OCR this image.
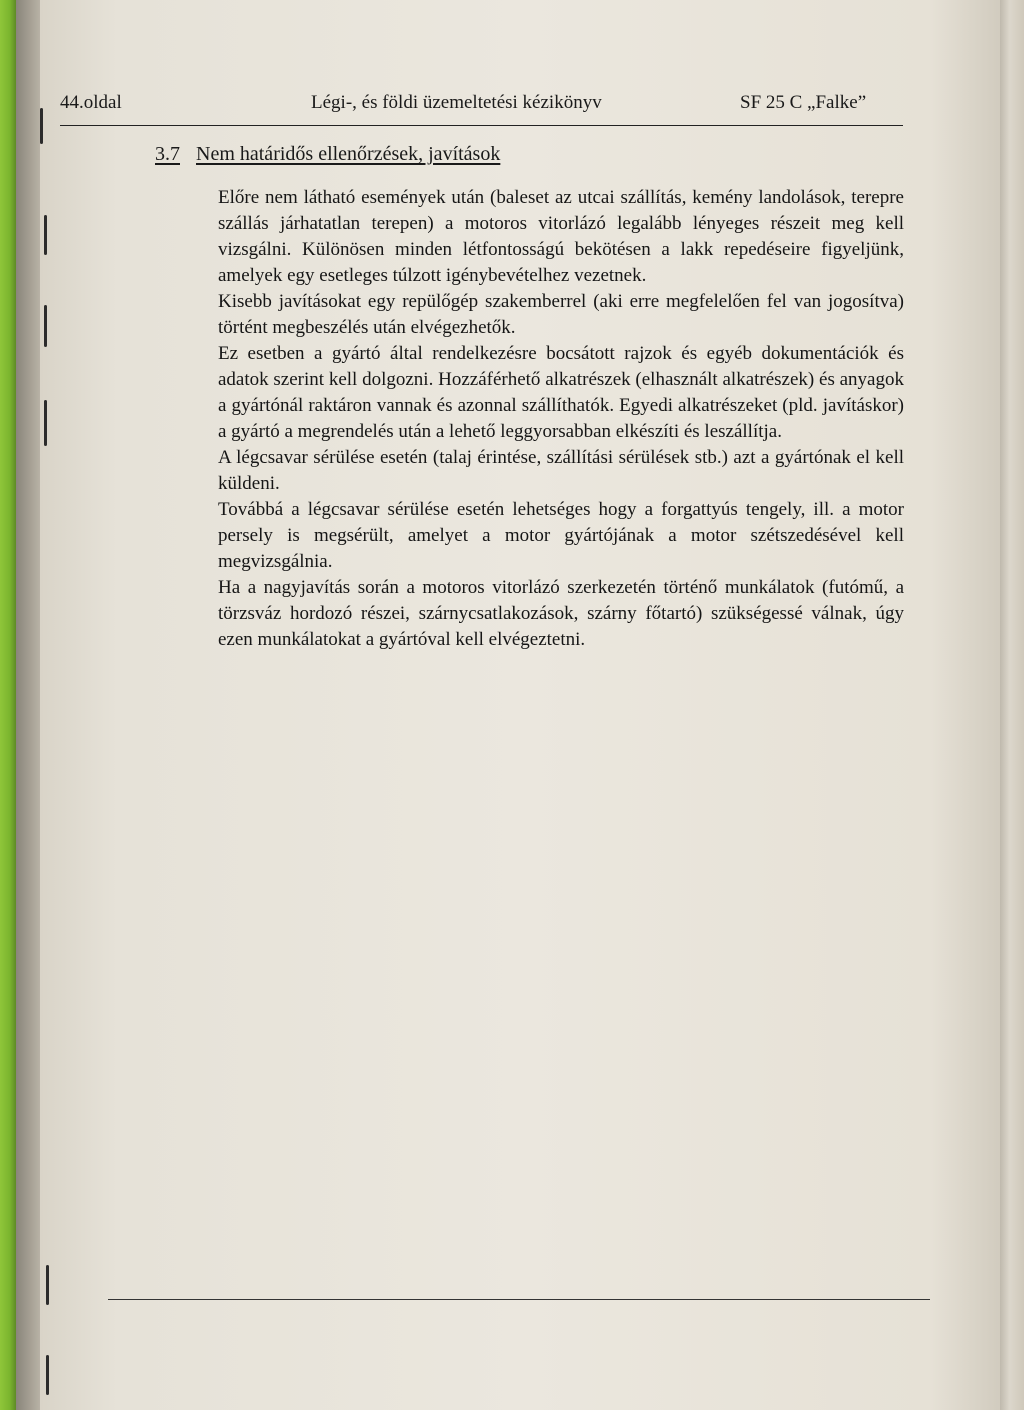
44.oldal	Légi-, és földi üzemeltetési kézikönyv	SF 25 C „Falke”
3.7 Nem határidős ellenőrzések, javítások

Előre nem látható események után (baleset az utcai szállítás, kemény landolások, terepre szállás járhatatlan terepen) a motoros vitorlázó legalább lényeges részeit meg kell vizsgálni. Különösen minden létfontosságú bekötésen a lakk repedéseire figyeljünk, amelyek egy esetleges túlzott igénybevételhez vezetnek.

Kisebb javításokat egy repülőgép szakemberrel (aki erre megfelelően fel van jogosítva) történt megbeszélés után elvégezhetők.

Ez esetben a gyártó által rendelkezésre bocsátott rajzok és egyéb dokumentációk és adatok szerint kell dolgozni. Hozzáférhető alkatrészek (elhasznált alkatrészek) és anyagok a gyártónál raktáron vannak és azonnal szállíthatók. Egyedi alkatrészeket (pld. javításkor) a gyártó a megrendelés után a lehető leggyorsabban elkészíti és leszállítja.

A légcsavar sérülése esetén (talaj érintése, szállítási sérülések stb.) azt a gyártónak el kell küldeni.

Továbbá a légcsavar sérülése esetén lehetséges hogy a forgattyús tengely, ill. a motor persely is megsérült, amelyet a motor gyártójának a motor szétszedésével kell megvizsgálnia.

Ha a nagyjavítás során a motoros vitorlázó szerkezetén történő munkálatok (futómű, a törzsváz hordozó részei, szárnycsatlakozások, szárny főtartó) szükségessé válnak, úgy ezen munkálatokat a gyártóval kell elvégeztetni.
